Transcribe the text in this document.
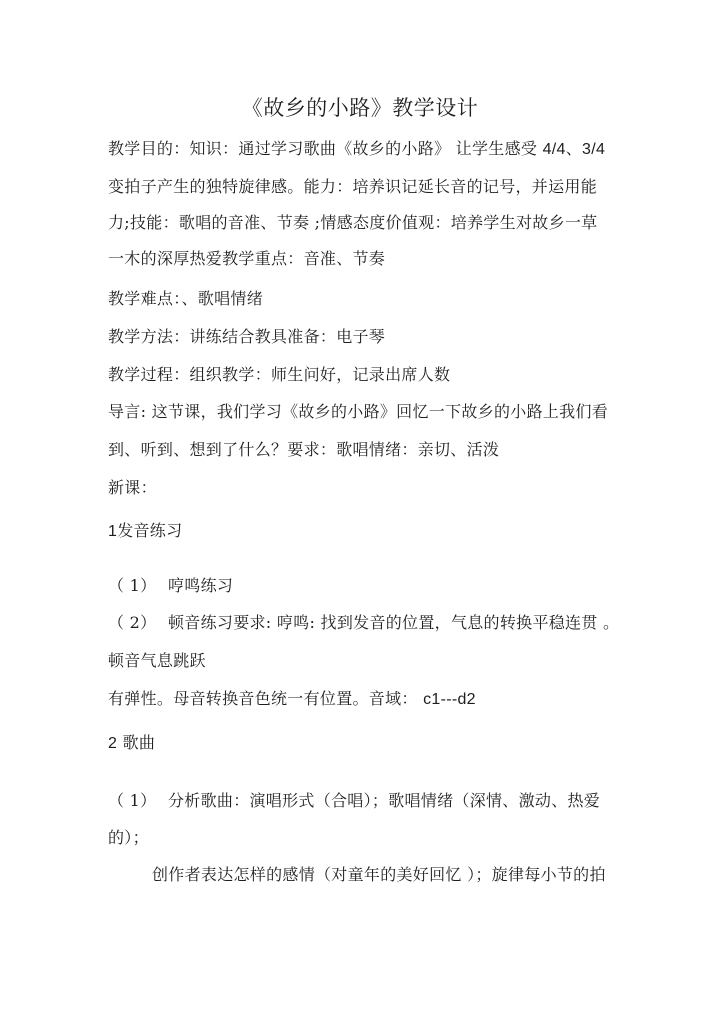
《故乡的小路》教学设计
教学目的：知识：通过学习歌曲《故乡的小路》 让学生感受 4/4、3/4
变拍子产生的独特旋律感。能力：培养识记延长音的记号，并运用能
力;技能：歌唱的音准、节奏 ;情感态度价值观：培养学生对故乡一草
一木的深厚热爱教学重点：音准、节奏
教学难点：、歌唱情绪
教学方法：讲练结合教具准备：电子琴
教学过程：组织教学：师生问好，记录出席人数
导言: 这节课，我们学习《故乡的小路》回忆一下故乡的小路上我们看
到、听到、想到了什么？要求：歌唱情绪：亲切、活泼
新课：
1发音练习
（ 1） 哼鸣练习
（ 2） 顿音练习要求: 哼鸣: 找到发音的位置，气息的转换平稳连贯 。
顿音气息跳跃
有弹性。母音转换音色统一有位置。音域： c1---d2
2 歌曲
（ 1） 分析歌曲：演唱形式（合唱）；歌唱情绪（深情、激动、热爱
的）；
创作者表达怎样的感情（对童年的美好回忆 ）；旋律每小节的拍
